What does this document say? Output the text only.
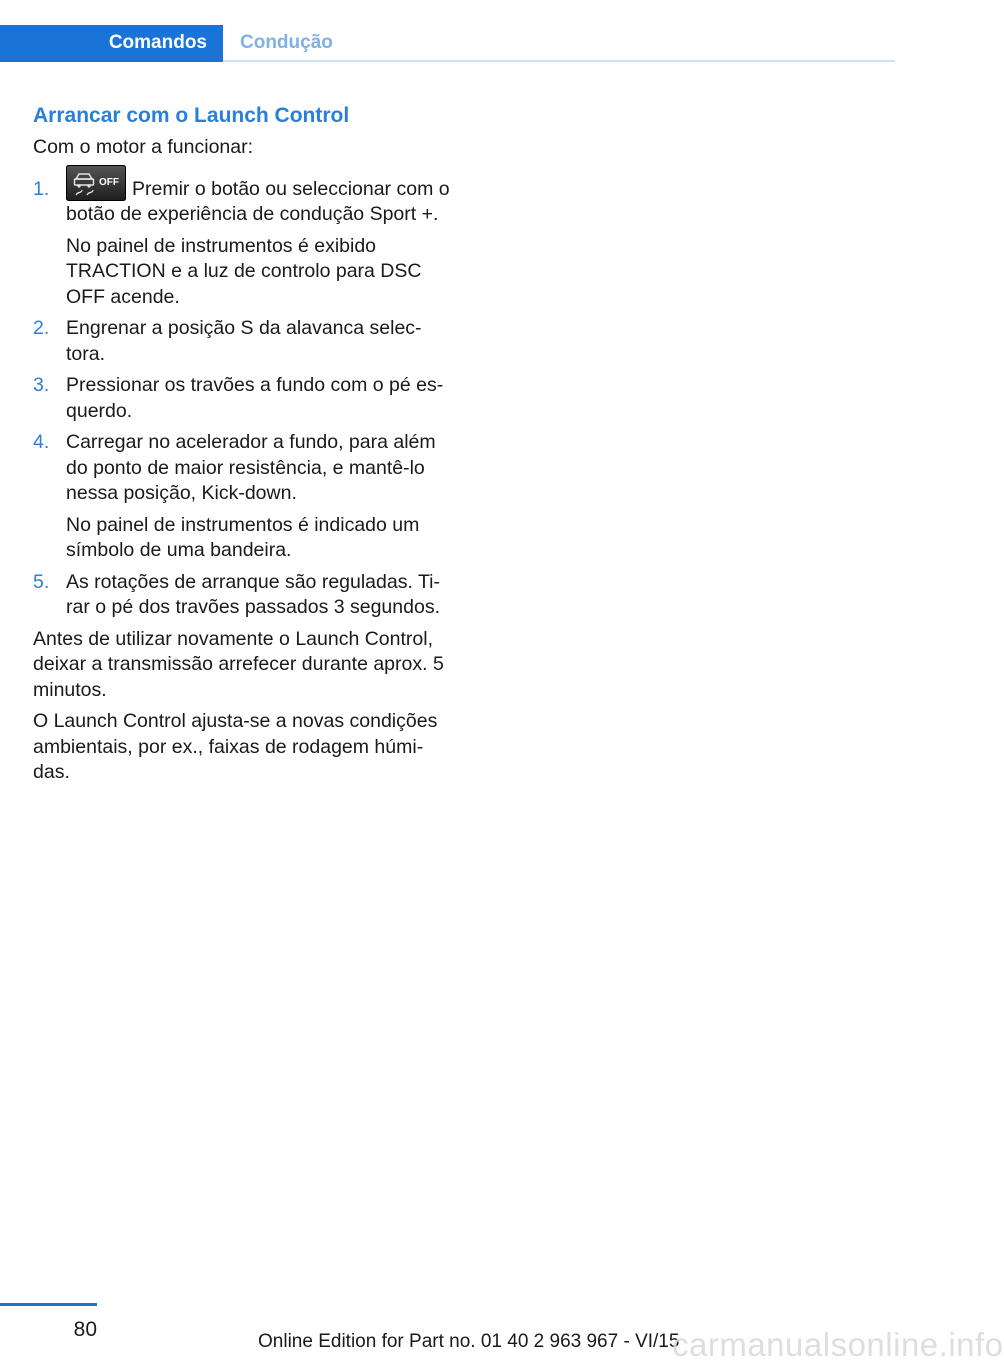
Comandos	Condução
Arrancar com o Launch Control

Com o motor a funcionar:

1.	OFF Premir o botão ou seleccionar com o botão de experiência de condução Sport +.

No painel de instrumentos é exibido TRACTION e a luz de controlo para DSC OFF acende.

2. Engrenar a posição S da alavanca selec-tora.

3. Pressionar os travões a fundo com o pé es-querdo.

4. Carregar no acelerador a fundo, para além do ponto de maior resistência, e mantê-lo nessa posição, Kick-down.

No painel de instrumentos é indicado um símbolo de uma bandeira.

5. As rotações de arranque são reguladas. Ti-rar o pé dos travões passados 3 segundos.

Antes de utilizar novamente o Launch Control, deixar a transmissão arrefecer durante aprox. 5 minutos.

O Launch Control ajusta-se a novas condições ambientais, por ex., faixas de rodagem húmi-das.

80
Online Edition for Part no. 01 40 2 963 967 - VI/15
carmanualsonline.info
